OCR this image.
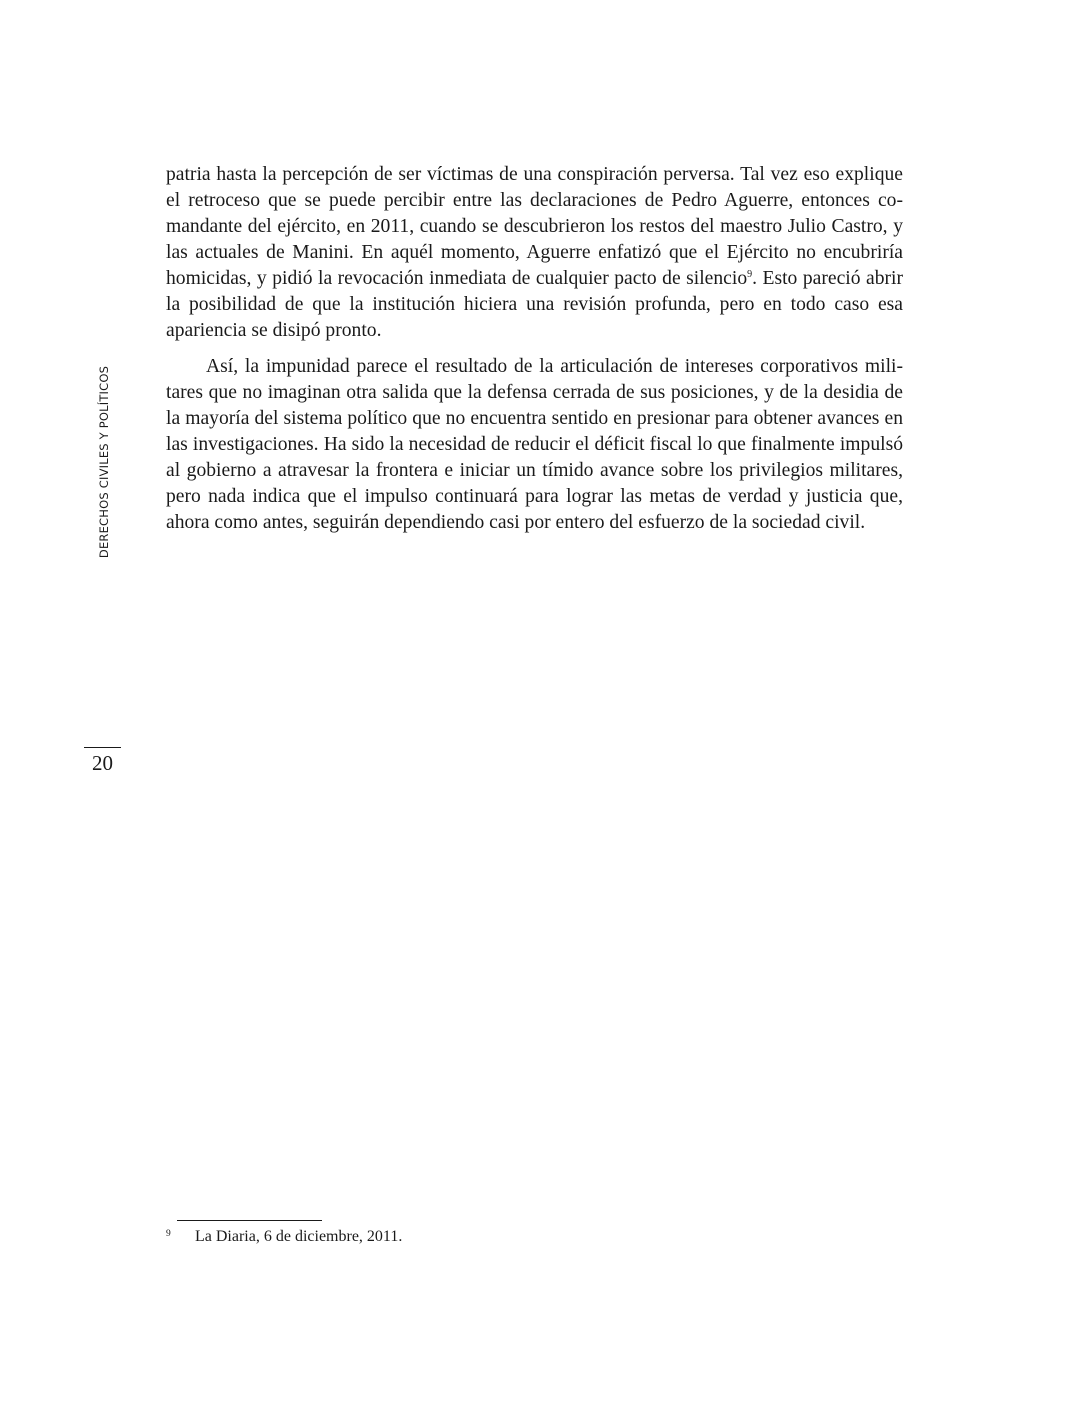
DERECHOS CIVILES Y POLÍTICOS

patria hasta la percepción de ser víctimas de una conspiración perversa. Tal vez eso explique el retroceso que se puede percibir entre las declaraciones de Pedro Aguerre, entonces comandante del ejército, en 2011, cuando se descubrieron los restos del maestro Julio Castro, y las actuales de Manini. En aquél momento, Aguerre enfatizó que el Ejército no encubriría homicidas, y pidió la revocación inmediata de cualquier pacto de silencio$^9$. Esto pareció abrir la posibilidad de que la institución hiciera una revisión profunda, pero en todo caso esa apariencia se disipó pronto.

Así, la impunidad parece el resultado de la articulación de intereses corporativos militares que no imaginan otra salida que la defensa cerrada de sus posiciones, y de la desidia de la mayoría del sistema político que no encuentra sentido en presionar para obtener avances en las investigaciones. Ha sido la necesidad de reducir el déficit fiscal lo que finalmente impulsó al gobierno a atravesar la frontera e iniciar un tímido avance sobre los privilegios militares, pero nada indica que el impulso continuará para lograr las metas de verdad y justicia que, ahora como antes, seguirán dependiendo casi por entero del esfuerzo de la sociedad civil.

20
9 La Diaria, 6 de diciembre, 2011.
